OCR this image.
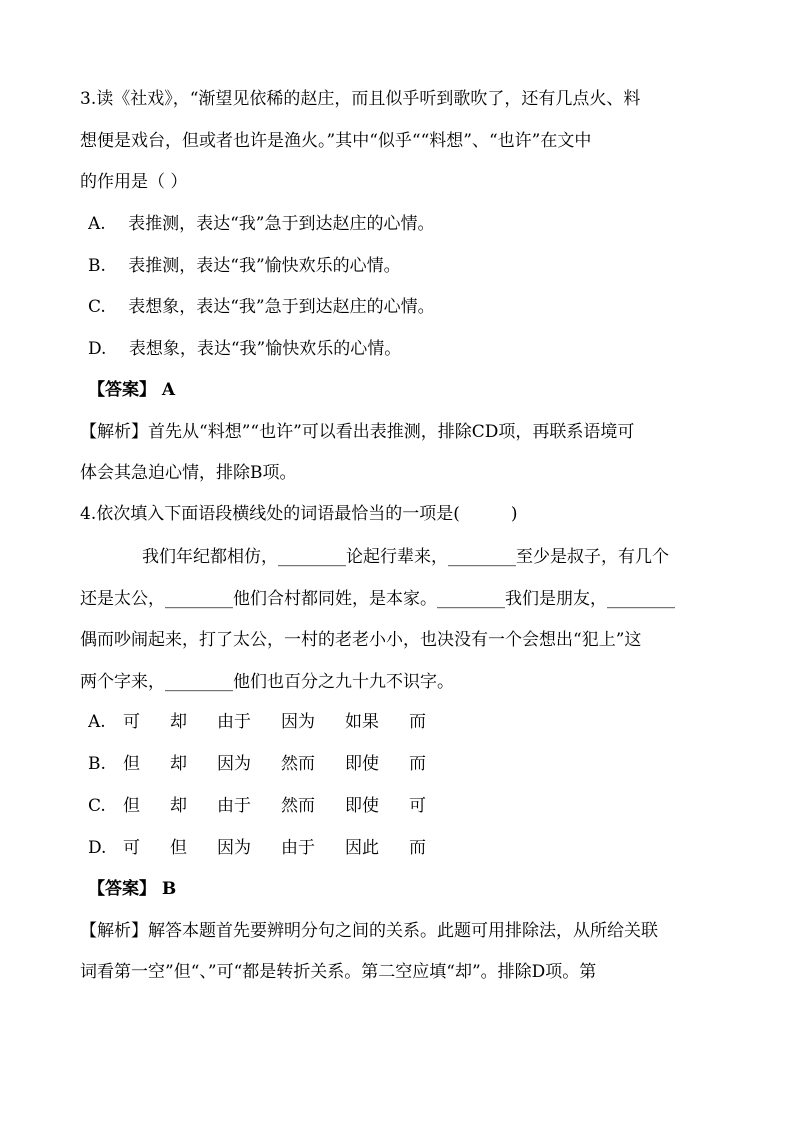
3.读《社戏》，“渐望见依稀的赵庄，而且似乎听到歌吹了，还有几点火、料
想便是戏台，但或者也许是渔火。”其中“似乎““料想”、“也许”在文中
的作用是（ ）
A.　 表推测，表达“我”急于到达赵庄的心情。
B.　 表推测，表达“我”愉快欢乐的心情。
C.　 表想象，表达“我”急于到达赵庄的心情。
D.　 表想象，表达“我”愉快欢乐的心情。
【答案】 A
【解析】首先从“料想”“也许”可以看出表推测，排除CD项，再联系语境可
体会其急迫心情，排除B项。
4.依次填入下面语段横线处的词语最恰当的一项是(　　　)
我们年纪都相仿，________论起行辈来，________至少是叔子，有几个
还是太公，________他们合村都同姓，是本家。________我们是朋友，________
偶而吵闹起来，打了太公，一村的老老小小，也决没有一个会想出“犯上”这
两个字来，________他们也百分之九十九不识字。
A. 可 却 由于 因为 如果 而
B. 但 却 因为 然而 即使 而
C. 但 却 由于 然而 即使 可
D. 可 但 因为 由于 因此 而
【答案】 B
【解析】解答本题首先要辨明分句之间的关系。此题可用排除法，从所给关联
词看第一空”但“、”可“都是转折关系。第二空应填“却”。排除D项。第
